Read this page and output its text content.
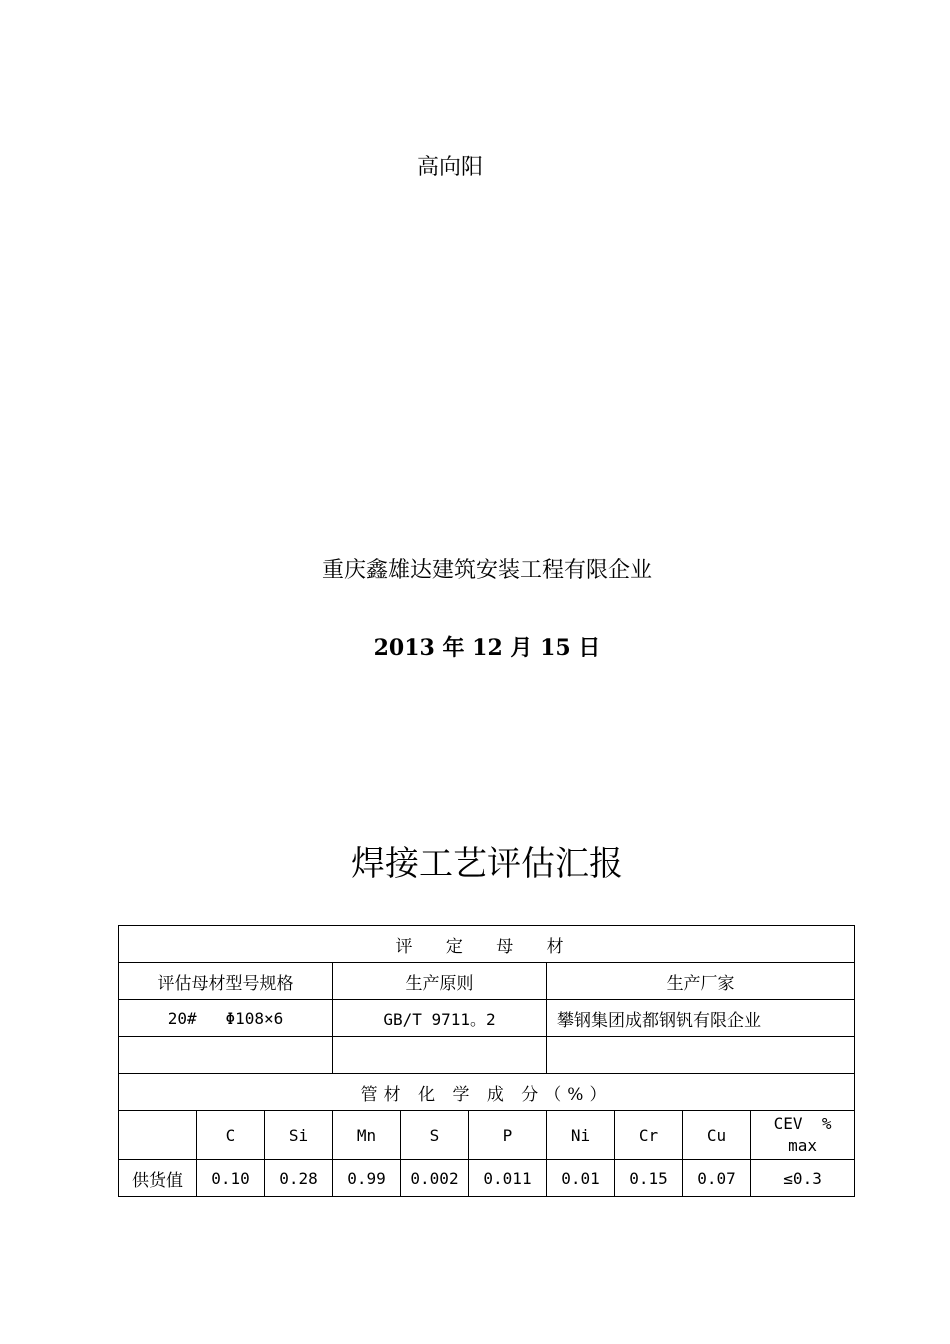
高向阳
重庆鑫雄达建筑安装工程有限企业
2013 年 12 月 15 日
焊接工艺评估汇报
评 定 母 材									
评估母材型号规格			生产原则			生产厂家			
20#   Φ108×6			GB/T 9711。2			攀钢集团成都钢钒有限企业			

管材 化 学 成 分（%）									
	C	Si	Mn	S	P	Ni	Cr	Cu	CEV  %
max

供货值	0.10	0.28	0.99	0.002	0.011	0.01	0.15	0.07	≤0.3
